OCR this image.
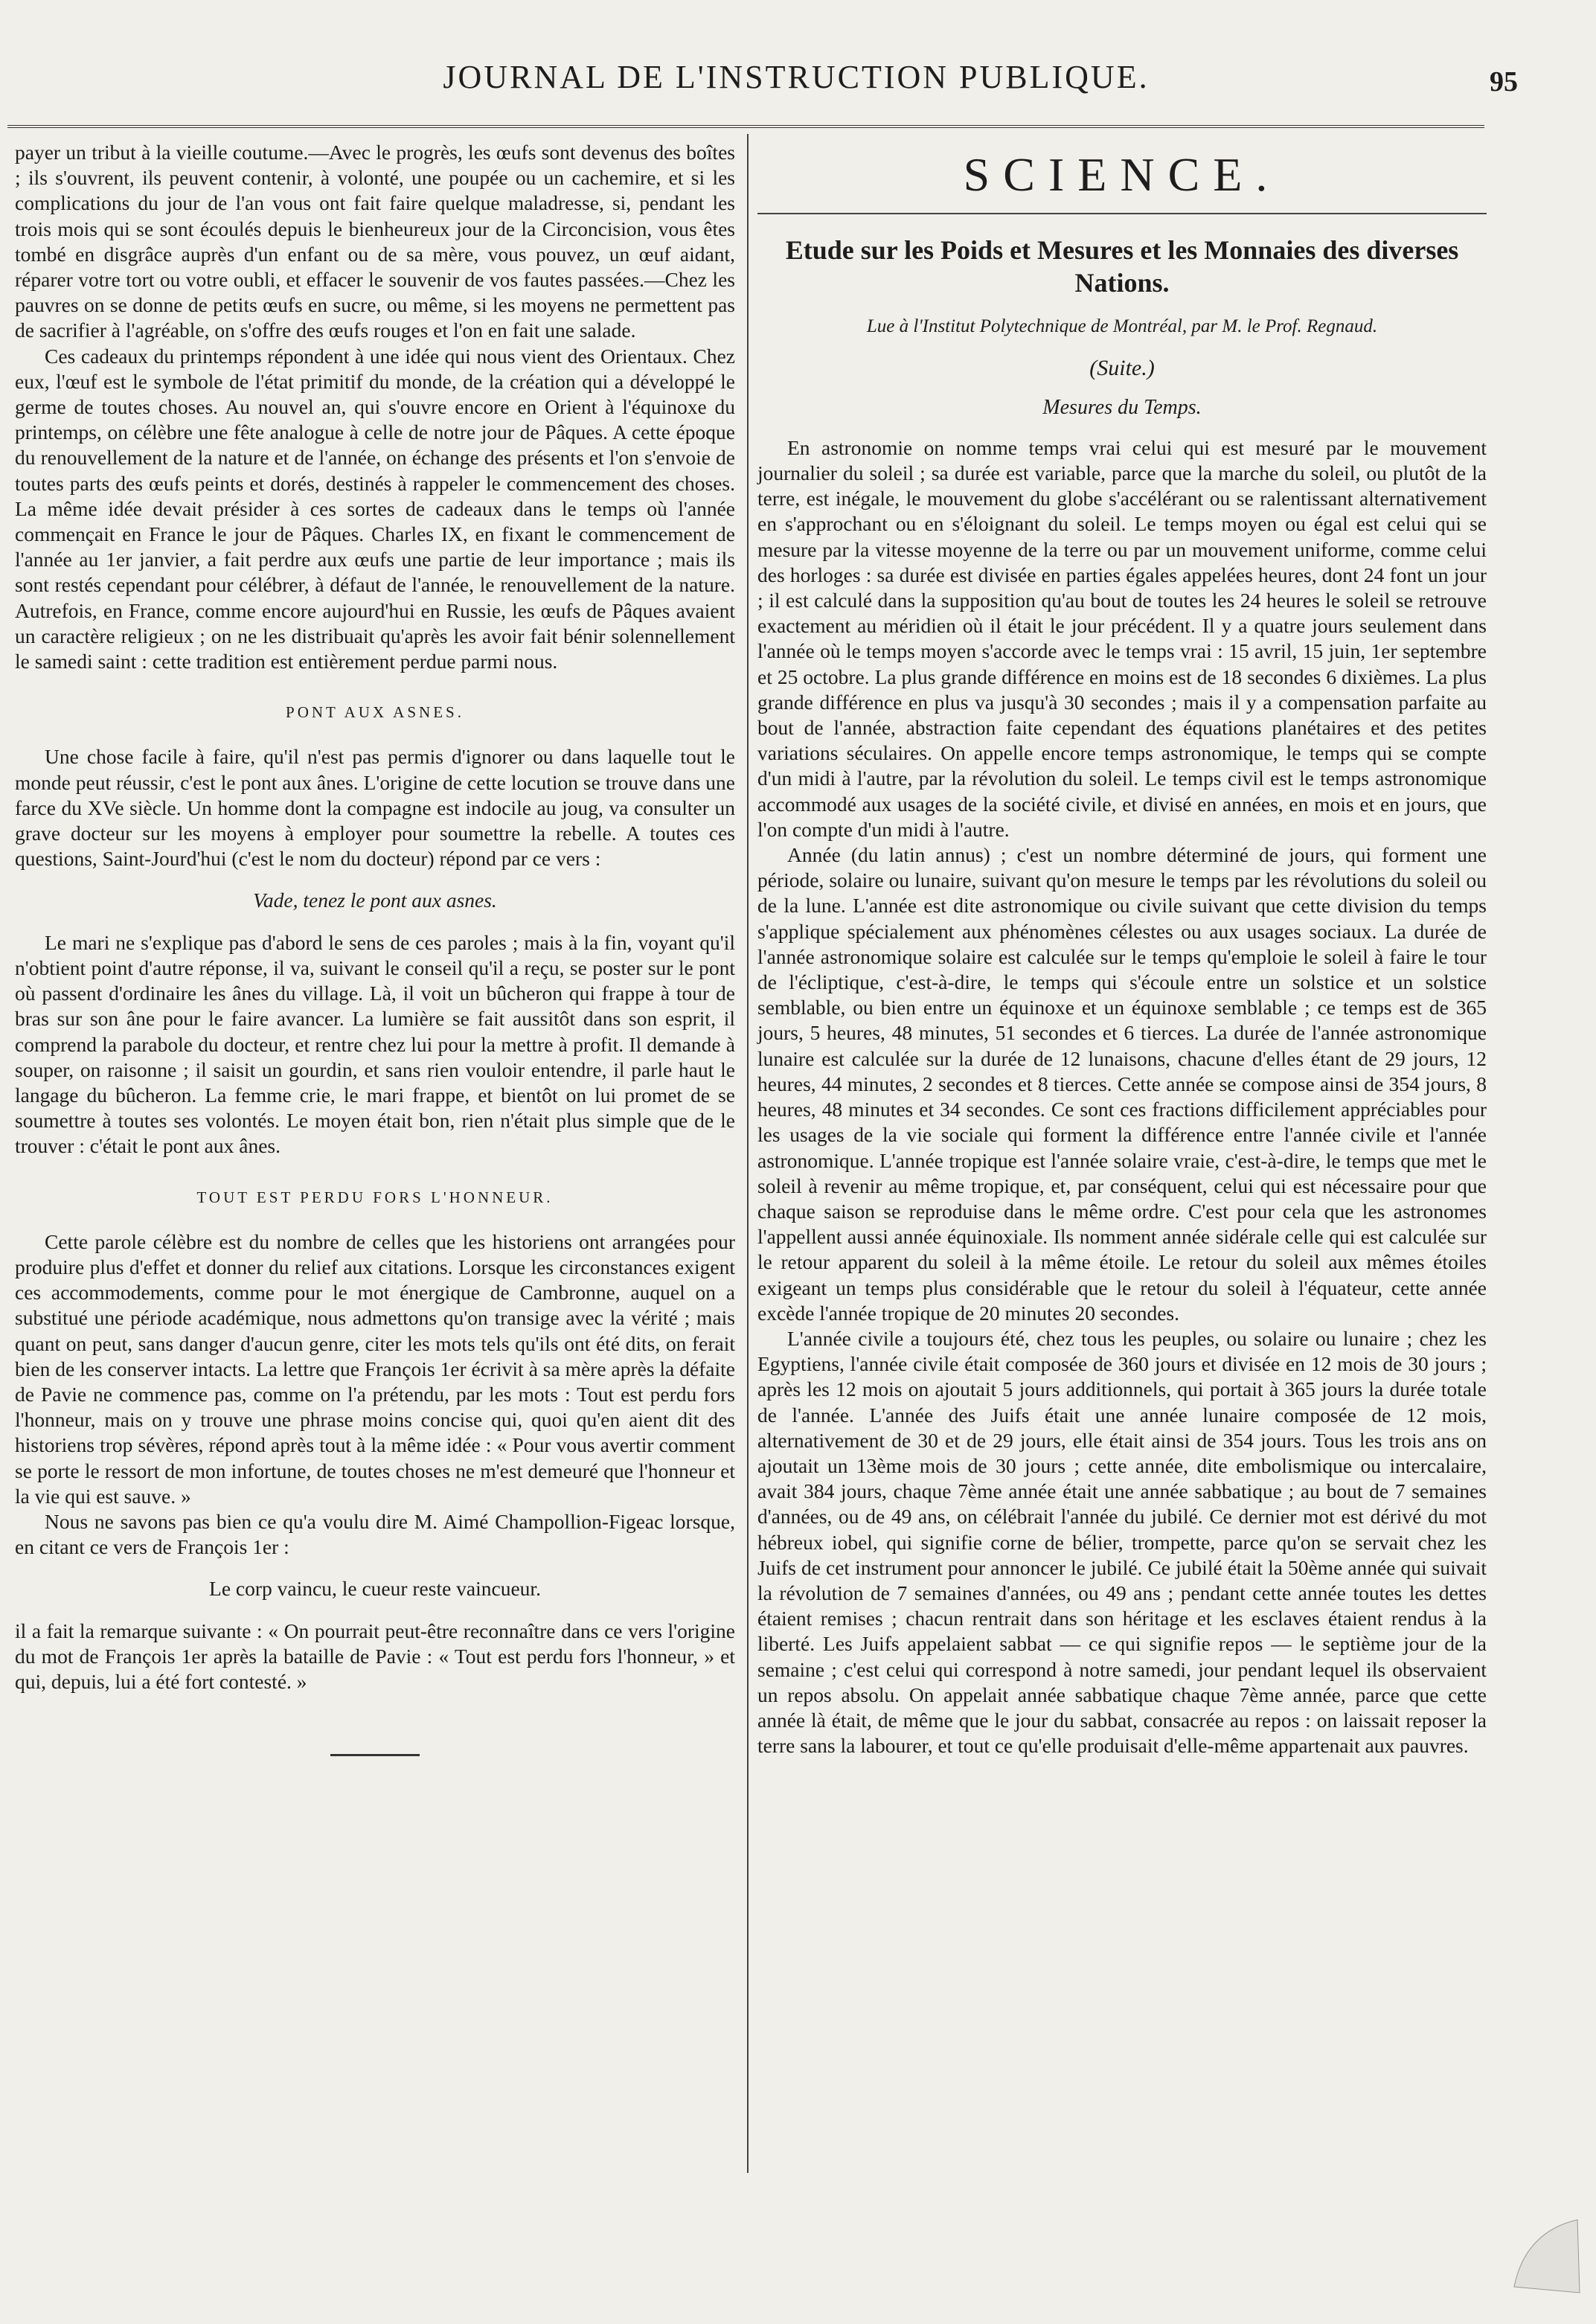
JOURNAL DE L'INSTRUCTION PUBLIQUE.	95

payer un tribut à la vieille coutume.—Avec le progrès, les œufs sont devenus des boîtes ; ils s'ouvrent, ils peuvent contenir, à volonté, une poupée ou un cachemire, et si les complications du jour de l'an vous ont fait faire quelque maladresse, si, pendant les trois mois qui se sont écoulés depuis le bienheureux jour de la Circoncision, vous êtes tombé en disgrâce auprès d'un enfant ou de sa mère, vous pouvez, un œuf aidant, réparer votre tort ou votre oubli, et effacer le souvenir de vos fautes passées.—Chez les pauvres on se donne de petits œufs en sucre, ou même, si les moyens ne permettent pas de sacrifier à l'agréable, on s'offre des œufs rouges et l'on en fait une salade.

Ces cadeaux du printemps répondent à une idée qui nous vient des Orientaux. Chez eux, l'œuf est le symbole de l'état primitif du monde, de la création qui a développé le germe de toutes choses. Au nouvel an, qui s'ouvre encore en Orient à l'équinoxe du printemps, on célèbre une fête analogue à celle de notre jour de Pâques. A cette époque du renouvellement de la nature et de l'année, on échange des présents et l'on s'envoie de toutes parts des œufs peints et dorés, destinés à rappeler le commencement des choses. La même idée devait présider à ces sortes de cadeaux dans le temps où l'année commençait en France le jour de Pâques. Charles IX, en fixant le commencement de l'année au 1er janvier, a fait perdre aux œufs une partie de leur importance ; mais ils sont restés cependant pour célébrer, à défaut de l'année, le renouvellement de la nature. Autrefois, en France, comme encore aujourd'hui en Russie, les œufs de Pâques avaient un caractère religieux ; on ne les distribuait qu'après les avoir fait bénir solennellement le samedi saint : cette tradition est entièrement perdue parmi nous.

PONT AUX ASNES.

Une chose facile à faire, qu'il n'est pas permis d'ignorer ou dans laquelle tout le monde peut réussir, c'est le pont aux ânes. L'origine de cette locution se trouve dans une farce du XVe siècle. Un homme dont la compagne est indocile au joug, va consulter un grave docteur sur les moyens à employer pour soumettre la rebelle. A toutes ces questions, Saint-Jourd'hui (c'est le nom du docteur) répond par ce vers :

Vade, tenez le pont aux asnes.

Le mari ne s'explique pas d'abord le sens de ces paroles ; mais à la fin, voyant qu'il n'obtient point d'autre réponse, il va, suivant le conseil qu'il a reçu, se poster sur le pont où passent d'ordinaire les ânes du village. Là, il voit un bûcheron qui frappe à tour de bras sur son âne pour le faire avancer. La lumière se fait aussitôt dans son esprit, il comprend la parabole du docteur, et rentre chez lui pour la mettre à profit. Il demande à souper, on raisonne ; il saisit un gourdin, et sans rien vouloir entendre, il parle haut le langage du bûcheron. La femme crie, le mari frappe, et bientôt on lui promet de se soumettre à toutes ses volontés. Le moyen était bon, rien n'était plus simple que de le trouver : c'était le pont aux ânes.

TOUT EST PERDU FORS L'HONNEUR.

Cette parole célèbre est du nombre de celles que les historiens ont arrangées pour produire plus d'effet et donner du relief aux citations. Lorsque les circonstances exigent ces accommodements, comme pour le mot énergique de Cambronne, auquel on a substitué une période académique, nous admettons qu'on transige avec la vérité ; mais quant on peut, sans danger d'aucun genre, citer les mots tels qu'ils ont été dits, on ferait bien de les conserver intacts. La lettre que François 1er écrivit à sa mère après la défaite de Pavie ne commence pas, comme on l'a prétendu, par les mots : Tout est perdu fors l'honneur, mais on y trouve une phrase moins concise qui, quoi qu'en aient dit des historiens trop sévères, répond après tout à la même idée : « Pour vous avertir comment se porte le ressort de mon infortune, de toutes choses ne m'est demeuré que l'honneur et la vie qui est sauve. »

Nous ne savons pas bien ce qu'a voulu dire M. Aimé Champollion-Figeac lorsque, en citant ce vers de François 1er :

Le corp vaincu, le cueur reste vaincueur.

il a fait la remarque suivante : « On pourrait peut-être reconnaître dans ce vers l'origine du mot de François 1er après la bataille de Pavie : « Tout est perdu fors l'honneur, » et qui, depuis, lui a été fort contesté. »

SCIENCE.
Etude sur les Poids et Mesures et les Monnaies des diverses Nations.
Lue à l'Institut Polytechnique de Montréal, par M. le Prof. Regnaud.
(Suite.)
Mesures du Temps.

En astronomie on nomme temps vrai celui qui est mesuré par le mouvement journalier du soleil ; sa durée est variable, parce que la marche du soleil, ou plutôt de la terre, est inégale, le mouvement du globe s'accélérant ou se ralentissant alternativement en s'approchant ou en s'éloignant du soleil. Le temps moyen ou égal est celui qui se mesure par la vitesse moyenne de la terre ou par un mouvement uniforme, comme celui des horloges : sa durée est divisée en parties égales appelées heures, dont 24 font un jour ; il est calculé dans la supposition qu'au bout de toutes les 24 heures le soleil se retrouve exactement au méridien où il était le jour précédent. Il y a quatre jours seulement dans l'année où le temps moyen s'accorde avec le temps vrai : 15 avril, 15 juin, 1er septembre et 25 octobre. La plus grande différence en moins est de 18 secondes 6 dixièmes. La plus grande différence en plus va jusqu'à 30 secondes ; mais il y a compensation parfaite au bout de l'année, abstraction faite cependant des équations planétaires et des petites variations séculaires. On appelle encore temps astronomique, le temps qui se compte d'un midi à l'autre, par la révolution du soleil. Le temps civil est le temps astronomique accommodé aux usages de la société civile, et divisé en années, en mois et en jours, que l'on compte d'un midi à l'autre.

Année (du latin annus) ; c'est un nombre déterminé de jours, qui forment une période, solaire ou lunaire, suivant qu'on mesure le temps par les révolutions du soleil ou de la lune. L'année est dite astronomique ou civile suivant que cette division du temps s'applique spécialement aux phénomènes célestes ou aux usages sociaux. La durée de l'année astronomique solaire est calculée sur le temps qu'emploie le soleil à faire le tour de l'écliptique, c'est-à-dire, le temps qui s'écoule entre un solstice et un solstice semblable, ou bien entre un équinoxe et un équinoxe semblable ; ce temps est de 365 jours, 5 heures, 48 minutes, 51 secondes et 6 tierces. La durée de l'année astronomique lunaire est calculée sur la durée de 12 lunaisons, chacune d'elles étant de 29 jours, 12 heures, 44 minutes, 2 secondes et 8 tierces. Cette année se compose ainsi de 354 jours, 8 heures, 48 minutes et 34 secondes. Ce sont ces fractions difficilement appréciables pour les usages de la vie sociale qui forment la différence entre l'année civile et l'année astronomique. L'année tropique est l'année solaire vraie, c'est-à-dire, le temps que met le soleil à revenir au même tropique, et, par conséquent, celui qui est nécessaire pour que chaque saison se reproduise dans le même ordre. C'est pour cela que les astronomes l'appellent aussi année équinoxiale. Ils nomment année sidérale celle qui est calculée sur le retour apparent du soleil à la même étoile. Le retour du soleil aux mêmes étoiles exigeant un temps plus considérable que le retour du soleil à l'équateur, cette année excède l'année tropique de 20 minutes 20 secondes.

L'année civile a toujours été, chez tous les peuples, ou solaire ou lunaire ; chez les Egyptiens, l'année civile était composée de 360 jours et divisée en 12 mois de 30 jours ; après les 12 mois on ajoutait 5 jours additionnels, qui portait à 365 jours la durée totale de l'année. L'année des Juifs était une année lunaire composée de 12 mois, alternativement de 30 et de 29 jours, elle était ainsi de 354 jours. Tous les trois ans on ajoutait un 13ème mois de 30 jours ; cette année, dite embolismique ou intercalaire, avait 384 jours, chaque 7ème année était une année sabbatique ; au bout de 7 semaines d'années, ou de 49 ans, on célébrait l'année du jubilé. Ce dernier mot est dérivé du mot hébreux iobel, qui signifie corne de bélier, trompette, parce qu'on se servait chez les Juifs de cet instrument pour annoncer le jubilé. Ce jubilé était la 50ème année qui suivait la révolution de 7 semaines d'années, ou 49 ans ; pendant cette année toutes les dettes étaient remises ; chacun rentrait dans son héritage et les esclaves étaient rendus à la liberté. Les Juifs appelaient sabbat — ce qui signifie repos — le septième jour de la semaine ; c'est celui qui correspond à notre samedi, jour pendant lequel ils observaient un repos absolu. On appelait année sabbatique chaque 7ème année, parce que cette année là était, de même que le jour du sabbat, consacrée au repos : on laissait reposer la terre sans la labourer, et tout ce qu'elle produisait d'elle-même appartenait aux pauvres.
